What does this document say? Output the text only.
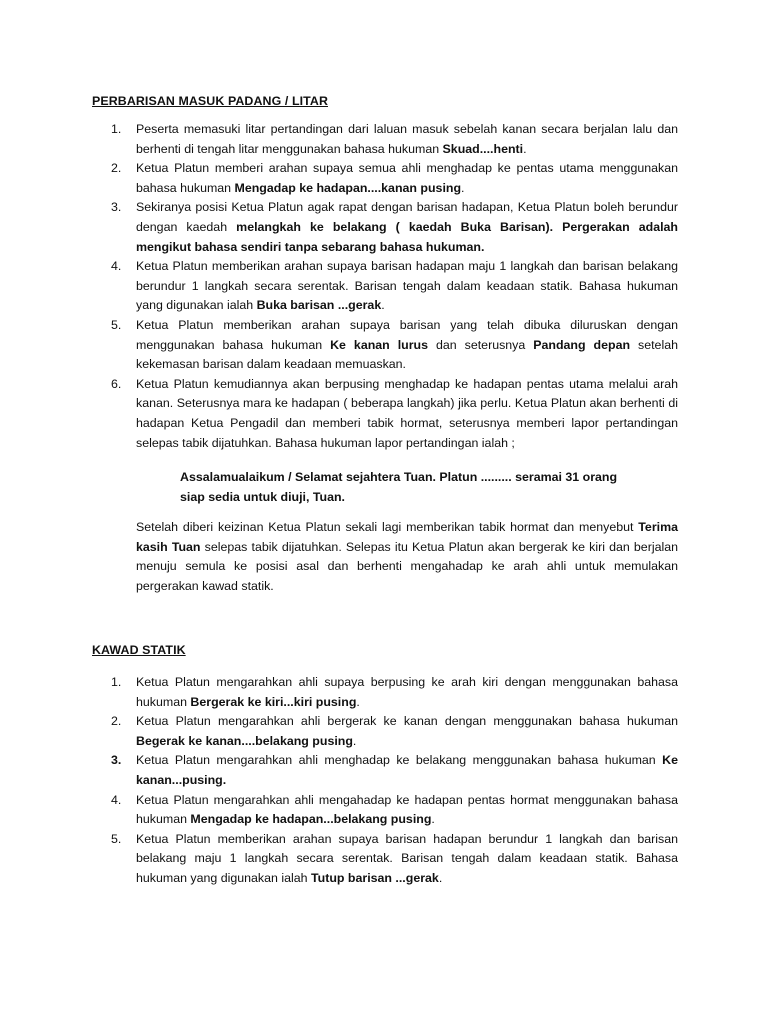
PERBARISAN MASUK PADANG / LITAR
1. Peserta memasuki litar pertandingan dari laluan masuk sebelah kanan secara berjalan lalu dan berhenti di tengah litar menggunakan bahasa hukuman Skuad....henti.
2. Ketua Platun memberi arahan supaya semua ahli menghadap ke pentas utama menggunakan bahasa hukuman Mengadap ke hadapan....kanan pusing.
3. Sekiranya posisi Ketua Platun agak rapat dengan barisan hadapan, Ketua Platun boleh berundur dengan kaedah melangkah ke belakang ( kaedah Buka Barisan). Pergerakan adalah mengikut bahasa sendiri tanpa sebarang bahasa hukuman.
4. Ketua Platun memberikan arahan supaya barisan hadapan maju 1 langkah dan barisan belakang berundur 1 langkah secara serentak. Barisan tengah dalam keadaan statik. Bahasa hukuman yang digunakan ialah Buka barisan ...gerak.
5. Ketua Platun memberikan arahan supaya barisan yang telah dibuka diluruskan dengan menggunakan bahasa hukuman Ke kanan lurus dan seterusnya Pandang depan setelah kekemasan barisan dalam keadaan memuaskan.
6. Ketua Platun kemudiannya akan berpusing menghadap ke hadapan pentas utama melalui arah kanan. Seterusnya mara ke hadapan ( beberapa langkah) jika perlu. Ketua Platun akan berhenti di hadapan Ketua Pengadil dan memberi tabik hormat, seterusnya memberi lapor pertandingan selepas tabik dijatuhkan. Bahasa hukuman lapor pertandingan ialah ;
Assalamualaikum / Selamat sejahtera Tuan. Platun ......... seramai 31 orang
siap sedia untuk diuji, Tuan.

Setelah diberi keizinan Ketua Platun sekali lagi memberikan tabik hormat dan menyebut Terima kasih Tuan selepas tabik dijatuhkan. Selepas itu Ketua Platun akan bergerak ke kiri dan berjalan menuju semula ke posisi asal dan berhenti mengahadap ke arah ahli untuk memulakan pergerakan kawad statik.

KAWAD STATIK
1. Ketua Platun mengarahkan ahli supaya berpusing ke arah kiri dengan menggunakan bahasa hukuman Bergerak ke kiri...kiri pusing.
2. Ketua Platun mengarahkan ahli bergerak ke kanan dengan menggunakan bahasa hukuman Begerak ke kanan....belakang pusing.
3. Ketua Platun mengarahkan ahli menghadap ke belakang menggunakan bahasa hukuman Ke kanan...pusing.
4. Ketua Platun mengarahkan ahli mengahadap ke hadapan pentas hormat menggunakan bahasa hukuman Mengadap ke hadapan...belakang pusing.
5. Ketua Platun memberikan arahan supaya barisan hadapan berundur 1 langkah dan barisan belakang maju 1 langkah secara serentak. Barisan tengah dalam keadaan statik. Bahasa hukuman yang digunakan ialah Tutup barisan ...gerak.
